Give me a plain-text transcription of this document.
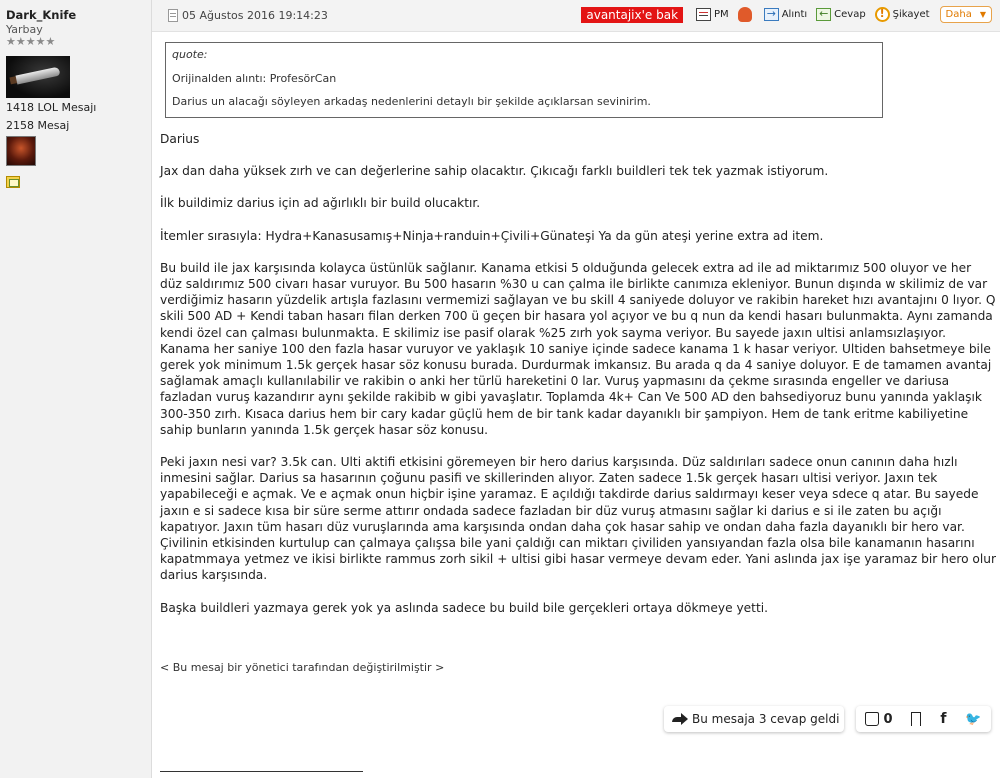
Dark_Knife
Yarbay
★★★★★
1418 LOL Mesajı
2158 Mesaj
05 Ağustos 2016 19:14:23	avantajix'e bak	PM →	Alıntı ←	Cevap !	Şikayet Daha ▼
quote:
Orijinalden alıntı: ProfesörCan
Darius un alacağı söyleyen arkadaş nedenlerini detaylı bir şekilde açıklarsan sevinirim.

Darius

Jax dan daha yüksek zırh ve can değerlerine sahip olacaktır. Çıkıcağı farklı buildleri tek tek yazmak istiyorum.

İlk buildimiz darius için ad ağırlıklı bir build olucaktır.

İtemler sırasıyla: Hydra+Kanasusamış+Ninja+randuin+Çivili+Günateşi Ya da gün ateşi yerine extra ad item.

Bu build ile jax karşısında kolayca üstünlük sağlanır. Kanama etkisi 5 olduğunda gelecek extra ad ile ad miktarımız 500 oluyor ve her düz saldırımız 500 civarı hasar vuruyor. Bu 500 hasarın %30 u can çalma ile birlikte canımıza ekleniyor. Bunun dışında w skilimiz de var verdiğimiz hasarın yüzdelik artışla fazlasını vermemizi sağlayan ve bu skill 4 saniyede doluyor ve rakibin hareket hızı avantajını 0 lıyor. Q skili 500 AD + Kendi taban hasarı filan derken 700 ü geçen bir hasara yol açıyor ve bu q nun da kendi hasarı bulunmakta. Aynı zamanda kendi özel can çalması bulunmakta. E skilimiz ise pasif olarak %25 zırh yok sayma veriyor. Bu sayede jaxın ultisi anlamsızlaşıyor. Kanama her saniye 100 den fazla hasar vuruyor ve yaklaşık 10 saniye içinde sadece kanama 1 k hasar veriyor. Ultiden bahsetmeye bile gerek yok minimum 1.5k gerçek hasar söz konusu burada. Durdurmak imkansız. Bu arada q da 4 saniye doluyor. E de tamamen avantaj sağlamak amaçlı kullanılabilir ve rakibin o anki her türlü hareketini 0 lar. Vuruş yapmasını da çekme sırasında engeller ve dariusa fazladan vuruş kazandırır aynı şekilde rakibib w gibi yavaşlatır. Toplamda 4k+ Can Ve 500 AD den bahsediyoruz bunu yanında yaklaşık 300-350 zırh. Kısaca darius hem bir cary kadar güçlü hem de bir tank kadar dayanıklı bir şampiyon. Hem de tank eritme kabiliyetine sahip bunların yanında 1.5k gerçek hasar söz konusu.

Peki jaxın nesi var? 3.5k can. Ulti aktifi etkisini göremeyen bir hero darius karşısında. Düz saldırıları sadece onun canının daha hızlı inmesini sağlar. Darius sa hasarının çoğunu pasifi ve skillerinden alıyor. Zaten sadece 1.5k gerçek hasarı ultisi veriyor. Jaxın tek yapabileceği e açmak. Ve e açmak onun hiçbir işine yaramaz. E açıldığı takdirde darius saldırmayı keser veya sdece q atar. Bu sayede jaxın e si sadece kısa bir süre serme attırır ondada sadece fazladan bir düz vuruş atmasını sağlar ki darius e si ile zaten bu açığı kapatıyor. Jaxın tüm hasarı düz vuruşlarında ama karşısında ondan daha çok hasar sahip ve ondan daha fazla dayanıklı bir hero var. Çivilinin etkisinden kurtulup can çalmaya çalışsa bile yani çaldığı can miktarı çiviliden yansıyandan fazla olsa bile kanamanın hasarını kapatmmaya yetmez ve ikisi birlikte rammus zorh sikil + ultisi gibi hasar vermeye devam eder. Yani aslında jax işe yaramaz bir hero olur darius karşısında.

Başka buildleri yazmaya gerek yok ya aslında sadece bu build bile gerçekleri ortaya dökmeye yetti.

< Bu mesaj bir yönetici tarafından değiştirilmiştir >
Bu mesaja 3 cevap geldi	0	f 🐦
